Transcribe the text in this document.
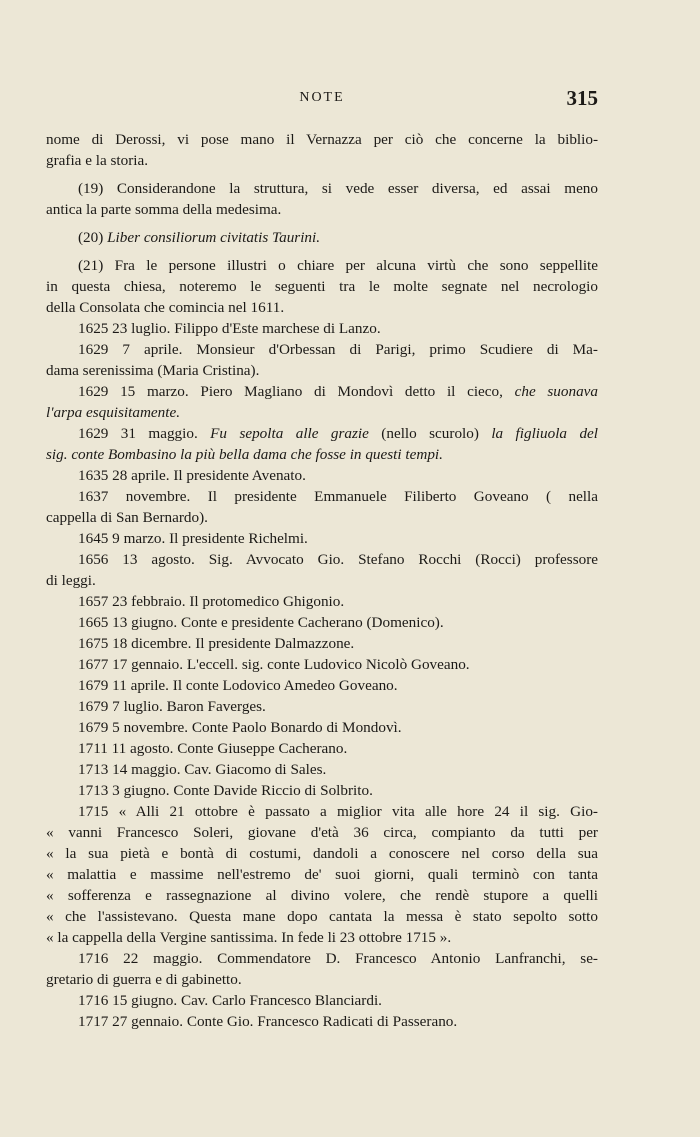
NOTE	315

nome di Derossi, vi pose mano il Vernazza per ciò che concerne la biblio-
grafia e la storia.

(19) Considerandone la struttura, si vede esser diversa, ed assai meno
antica la parte somma della medesima.

(20) Liber consiliorum civitatis Taurini.

(21) Fra le persone illustri o chiare per alcuna virtù che sono seppellite
in questa chiesa, noteremo le seguenti tra le molte segnate nel necrologio
della Consolata che comincia nel 1611.
1625 23 luglio. Filippo d'Este marchese di Lanzo.
1629 7 aprile. Monsieur d'Orbessan di Parigi, primo Scudiere di Ma-
dama serenissima (Maria Cristina).
1629 15 marzo. Piero Magliano di Mondovì detto il cieco, che suonava
l'arpa esquisitamente.
1629 31 maggio. Fu sepolta alle grazie (nello scurolo) la figliuola del
sig. conte Bombasino la più bella dama che fosse in questi tempi.
1635 28 aprile. Il presidente Avenato.
1637 novembre. Il presidente Emmanuele Filiberto Goveano ( nella
cappella di San Bernardo).
1645 9 marzo. Il presidente Richelmi.
1656 13 agosto. Sig. Avvocato Gio. Stefano Rocchi (Rocci) professore
di leggi.
1657 23 febbraio. Il protomedico Ghigonio.
1665 13 giugno. Conte e presidente Cacherano (Domenico).
1675 18 dicembre. Il presidente Dalmazzone.
1677 17 gennaio. L'eccell. sig. conte Ludovico Nicolò Goveano.
1679 11 aprile. Il conte Lodovico Amedeo Goveano.
1679 7 luglio. Baron Faverges.
1679 5 novembre. Conte Paolo Bonardo di Mondovì.
1711 11 agosto. Conte Giuseppe Cacherano.
1713 14 maggio. Cav. Giacomo di Sales.
1713 3 giugno. Conte Davide Riccio di Solbrito.
1715 « Alli 21 ottobre è passato a miglior vita alle hore 24 il sig. Gio-
« vanni Francesco Soleri, giovane d'età 36 circa, compianto da tutti per
« la sua pietà e bontà di costumi, dandoli a conoscere nel corso della sua
« malattia e massime nell'estremo de' suoi giorni, quali terminò con tanta
« sofferenza e rassegnazione al divino volere, che rendè stupore a quelli
« che l'assistevano. Questa mane dopo cantata la messa è stato sepolto sotto
« la cappella della Vergine santissima. In fede li 23 ottobre 1715 ».
1716 22 maggio. Commendatore D. Francesco Antonio Lanfranchi, se-
gretario di guerra e di gabinetto.
1716 15 giugno. Cav. Carlo Francesco Blanciardi.
1717 27 gennaio. Conte Gio. Francesco Radicati di Passerano.
